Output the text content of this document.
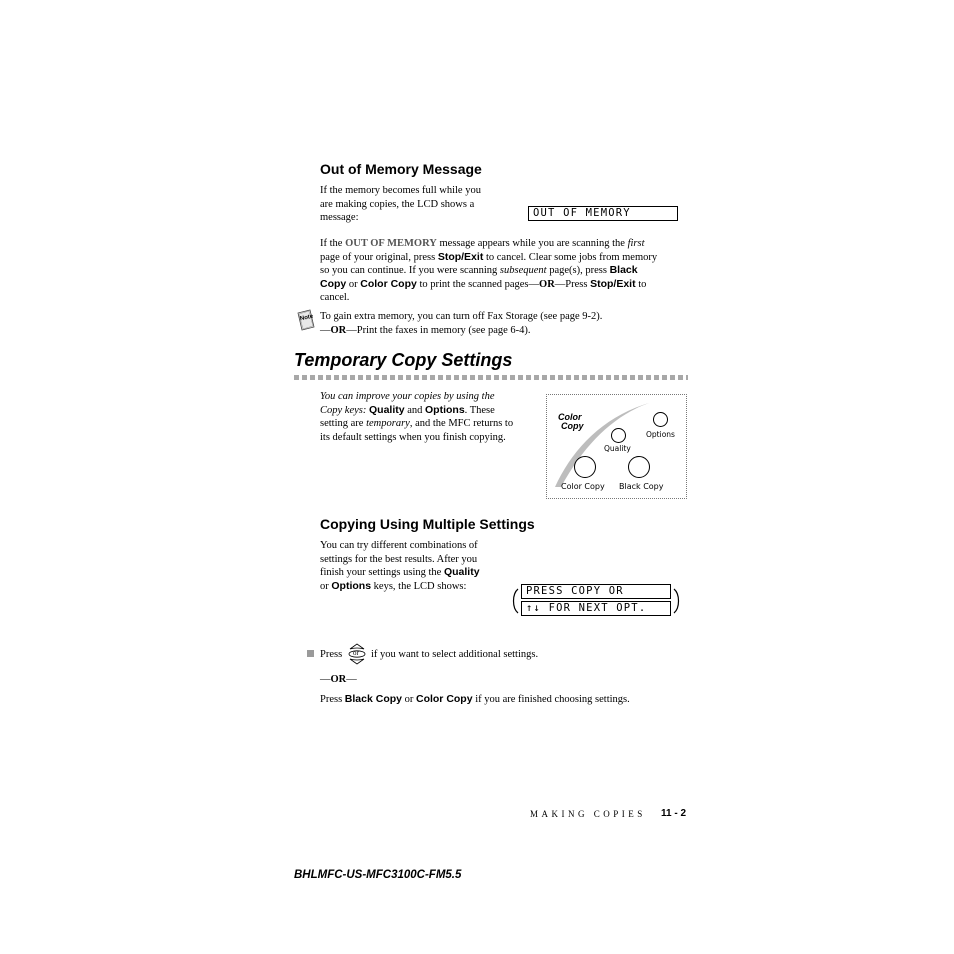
Out of Memory Message
If the memory becomes full while you
are making copies, the LCD shows a
message:	OUT OF MEMORY
If the OUT OF MEMORY message appears while you are scanning the first
page of your original, press Stop/Exit to cancel. Clear some jobs from memory
so you can continue. If you were scanning subsequent page(s), press Black
Copy or Color Copy to print the scanned pages—OR—Press Stop/Exit to
cancel.
Note To gain extra memory, you can turn off Fax Storage (see page 9-2).
—OR—Print the faxes in memory (see page 6-4).
Temporary Copy Settings
You can improve your copies by using the
Copy keys: Quality and Options. These
setting are temporary, and the MFC returns to
its default settings when you finish copying.
Color
Copy
Options
Quality
Color Copy Black Copy
Copying Using Multiple Settings
You can try different combinations of
settings for the best results. After you
finish your settings using the Quality
or Options keys, the LCD shows:	PRESS COPY OR
↑↓ FOR NEXT OPT.
Press or if you want to select additional settings.
—OR—
Press Black Copy or Color Copy if you are finished choosing settings.
MAKING COPIES 11 - 2
BHLMFC-US-MFC3100C-FM5.5
